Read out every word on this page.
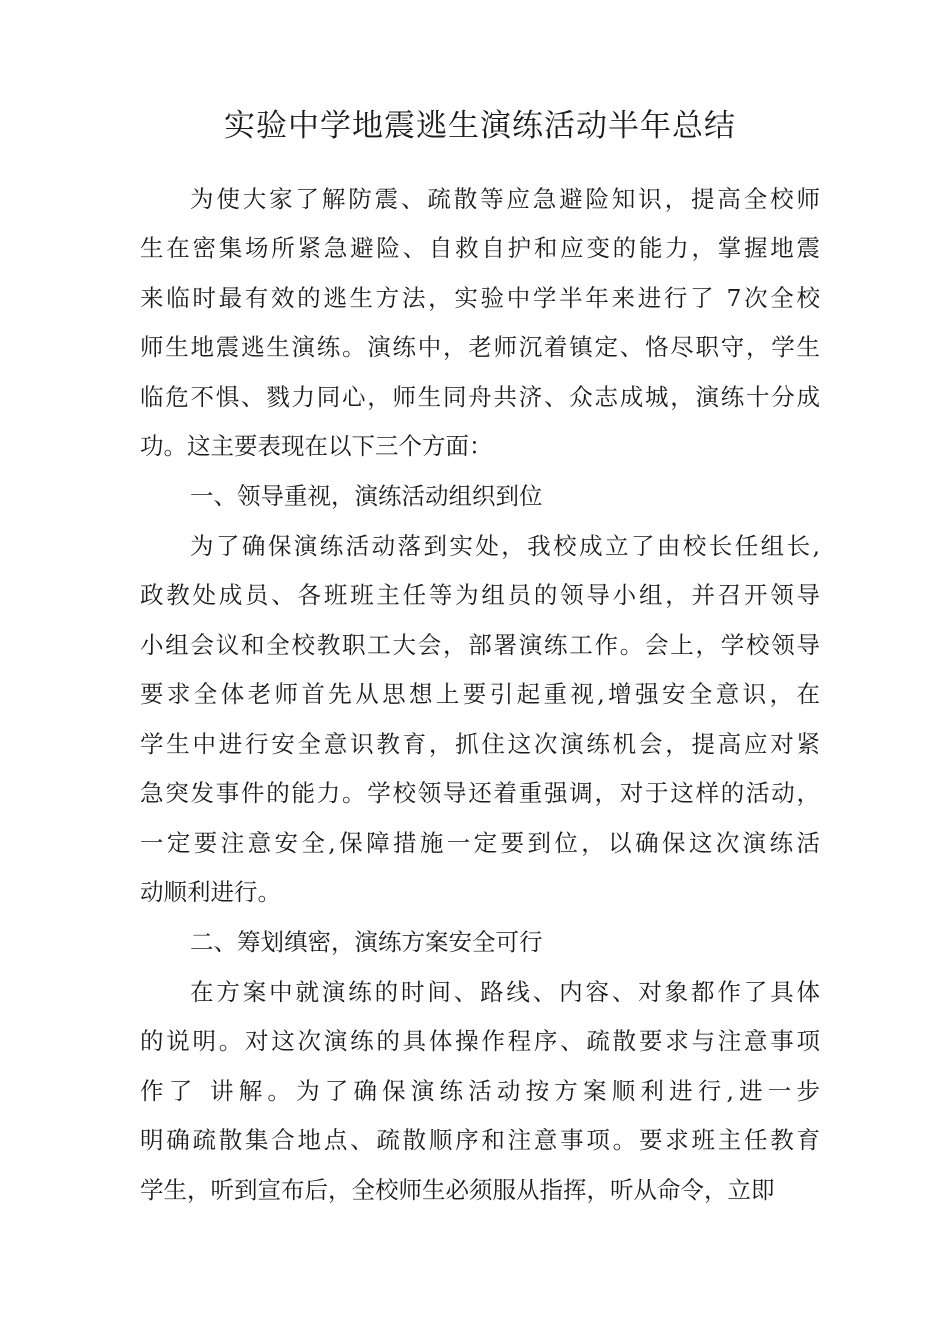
实验中学地震逃生演练活动半年总结
为使大家了解防震、疏散等应急避险知识，提高全校师
生在密集场所紧急避险、自救自护和应变的能力，掌握地震
来临时最有效的逃生方法，实验中学半年来进行了 7次全校
师生地震逃生演练。演练中，老师沉着镇定、恪尽职守，学生
临危不惧、戮力同心，师生同舟共济、众志成城，演练十分成
功。这主要表现在以下三个方面：
一、领导重视，演练活动组织到位
为了确保演练活动落到实处，我校成立了由校长任组长,
政教处成员、各班班主任等为组员的领导小组，并召开领导
小组会议和全校教职工大会，部署演练工作。会上，学校领导
要求全体老师首先从思想上要引起重视,增强安全意识，在
学生中进行安全意识教育，抓住这次演练机会，提高应对紧
急突发事件的能力。学校领导还着重强调，对于这样的活动，
一定要注意安全,保障措施一定要到位，以确保这次演练活
动顺利进行。
二、筹划缜密，演练方案安全可行
在方案中就演练的时间、路线、内容、对象都作了具体
的说明。对这次演练的具体操作程序、疏散要求与注意事项
作了 讲解。为了确保演练活动按方案顺利进行,进一步
明确疏散集合地点、疏散顺序和注意事项。要求班主任教育
学生，听到宣布后，全校师生必须服从指挥，听从命令，立即
